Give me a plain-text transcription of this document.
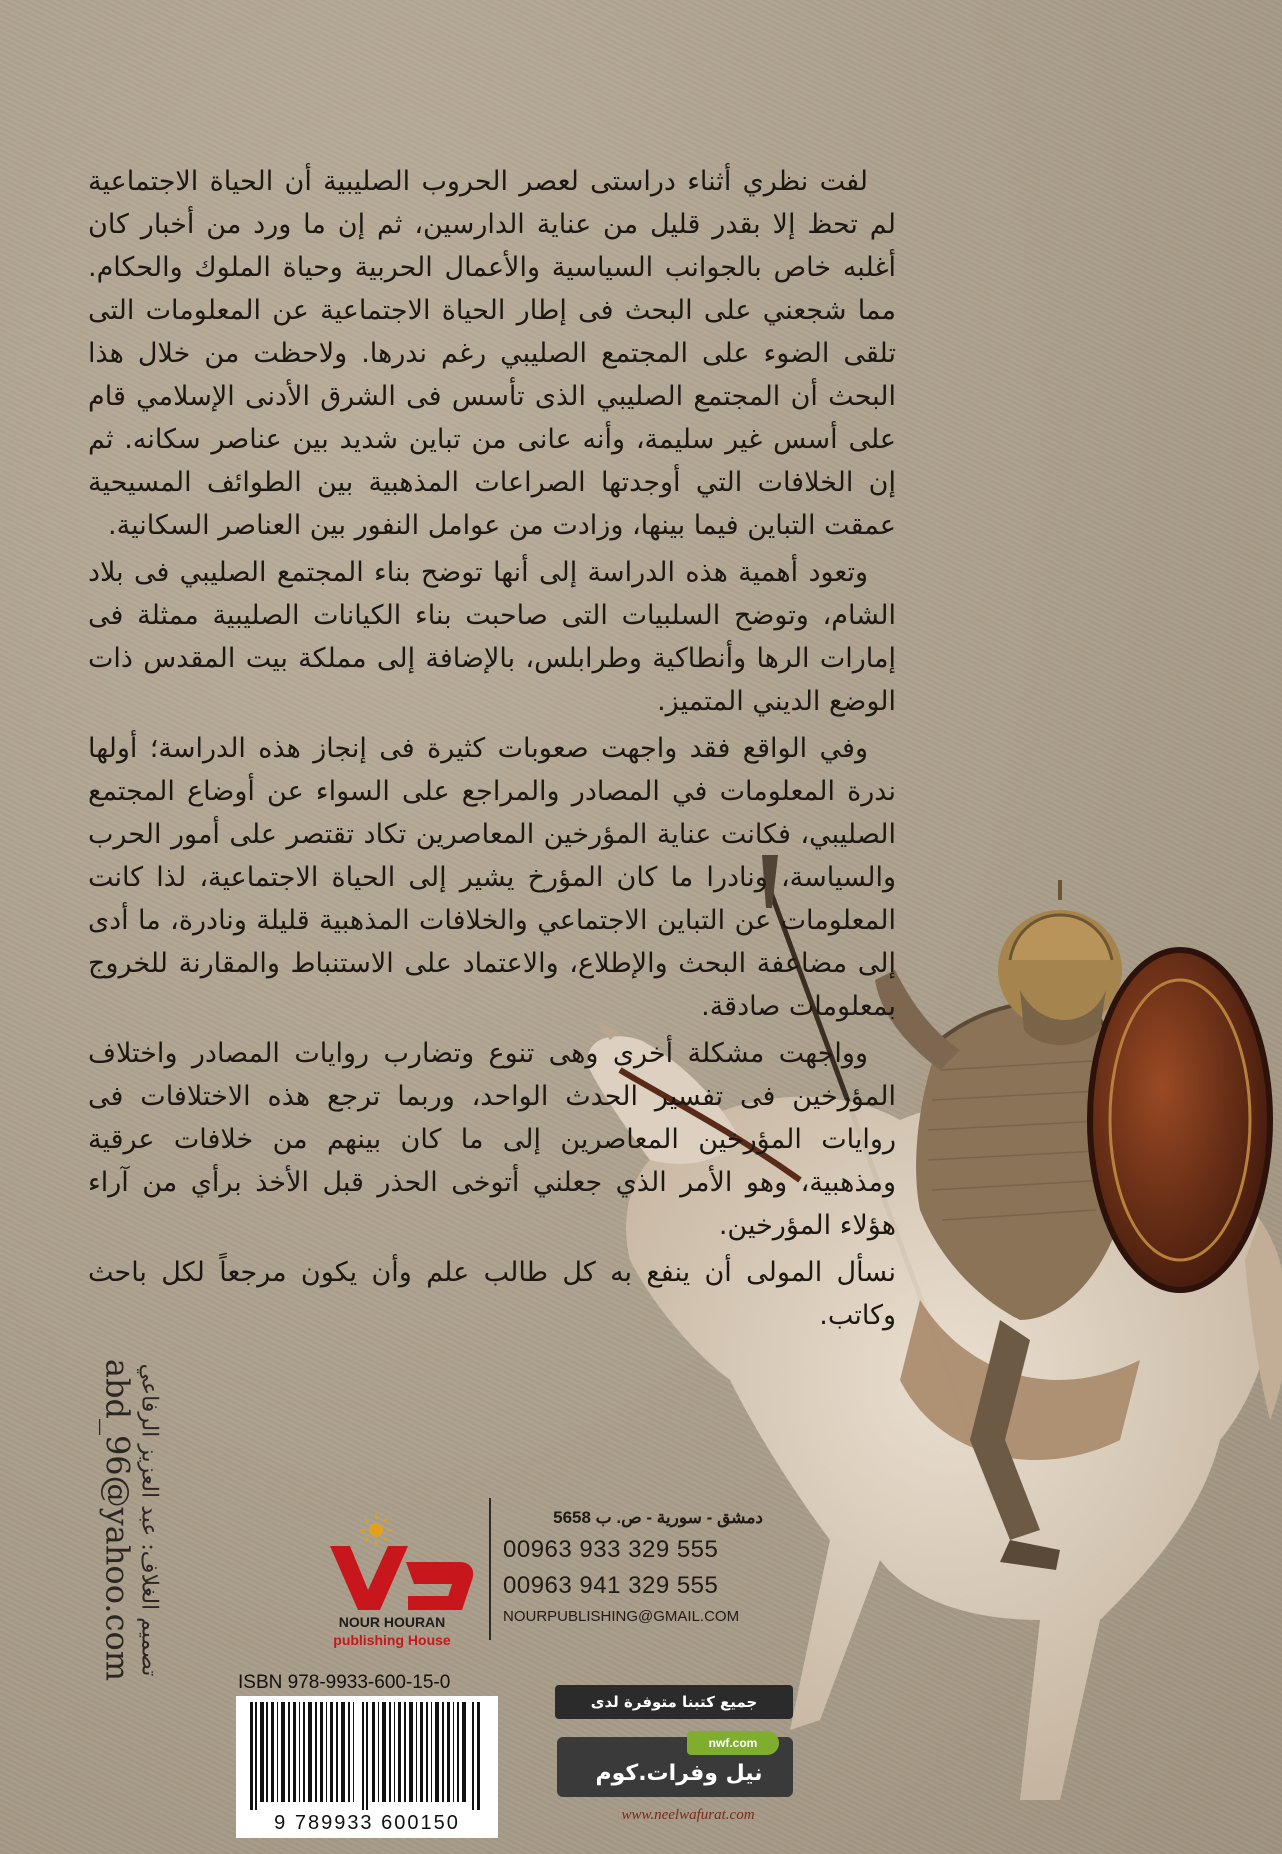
لفت نظري أثناء دراستى لعصر الحروب الصليبية أن الحياة الاجتماعية لم تحظ إلا بقدر قليل من عناية الدارسين، ثم إن ما ورد من أخبار كان أغلبه خاص بالجوانب السياسية والأعمال الحربية وحياة الملوك والحكام. مما شجعني على البحث فى إطار الحياة الاجتماعية عن المعلومات التى تلقى الضوء على المجتمع الصليبي رغم ندرها. ولاحظت من خلال هذا البحث أن المجتمع الصليبي الذى تأسس فى الشرق الأدنى الإسلامي قام على أسس غير سليمة، وأنه عانى من تباين شديد بين عناصر سكانه. ثم إن الخلافات التي أوجدتها الصراعات المذهبية بين الطوائف المسيحية عمقت التباين فيما بينها، وزادت من عوامل النفور بين العناصر السكانية.

وتعود أهمية هذه الدراسة إلى أنها توضح بناء المجتمع الصليبي فى بلاد الشام، وتوضح السلبيات التى صاحبت بناء الكيانات الصليبية ممثلة فى إمارات الرها وأنطاكية وطرابلس، بالإضافة إلى مملكة بيت المقدس ذات الوضع الديني المتميز.

وفي الواقع فقد واجهت صعوبات كثيرة فى إنجاز هذه الدراسة؛ أولها ندرة المعلومات في المصادر والمراجع على السواء عن أوضاع المجتمع الصليبي، فكانت عناية المؤرخين المعاصرين تكاد تقتصر على أمور الحرب والسياسة، ونادرا ما كان المؤرخ يشير إلى الحياة الاجتماعية، لذا كانت المعلومات عن التباين الاجتماعي والخلافات المذهبية قليلة ونادرة، ما أدى إلى مضاعفة البحث والإطلاع، والاعتماد على الاستنباط والمقارنة للخروج بمعلومات صادقة.

وواجهت مشكلة أخرى وهى تنوع وتضارب روايات المصادر واختلاف المؤرخين فى تفسير الحدث الواحد، وربما ترجع هذه الاختلافات فى روايات المؤرخين المعاصرين إلى ما كان بينهم من خلافات عرقية ومذهبية، وهو الأمر الذي جعلني أتوخى الحذر قبل الأخذ برأي من آراء هؤلاء المؤرخين.

نسأل المولى أن ينفع به كل طالب علم وأن يكون مرجعاً لكل باحث وكاتب.

تصميم الغلاف: عبد العزيز الرفاعي
abd_96@yahoo.com	NOUR HOURAN
publishing House
دمشق - سورية - ص. ب 5658
00963 933 329 555
00963 941 329 555
NOURPUBLISHING@GMAIL.COM
ISBN 978-9933-600-15-0
9 789933 600150
جميع كتبنا متوفرة لدى
nwf.com
نيل وفرات.كوم
www.neelwafurat.com
